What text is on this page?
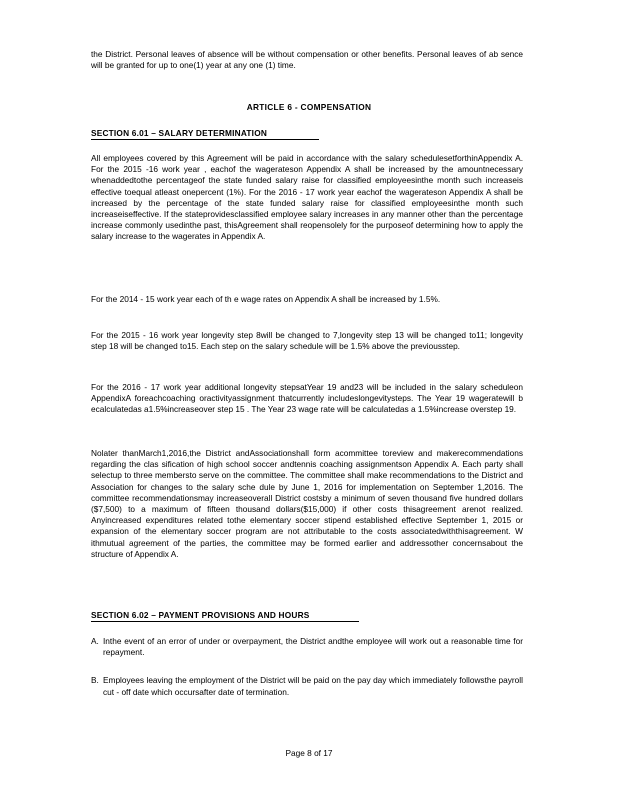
the District. Personal leaves of absence will be without compensation or other benefits. Personal leaves of ab sence will be granted for up to one(1) year at any one (1) time.

ARTICLE 6 - COMPENSATION
SECTION 6.01 – SALARY DETERMINATION

All employees covered by this Agreement will be paid in accordance with the salary schedulesetforthinAppendix A. For the 2015 -16 work year , eachof the wagerateson Appendix A shall be increased by the amountnecessary whenaddedtothe percentageof the state funded salary raise for classified employeesinthe month such increaseis effective toequal atleast onepercent (1%). For the 2016 - 17 work year eachof the wagerateson Appendix A shall be increased by the percentage of the state funded salary raise for classified employeesinthe month such increaseiseffective. If the stateprovidesclassified employee salary increases in any manner other than the percentage increase commonly usedinthe past, thisAgreement shall reopensolely for the purposeof determining how to apply the salary increase to the wagerates in Appendix A.

For the 2014 - 15 work year each of th e wage rates on Appendix A shall be increased by 1.5%.

For the 2015 - 16 work year longevity step 8will be changed to 7,longevity step 13 will be changed to11; longevity step 18 will be changed to15. Each step on the salary schedule will be 1.5% above the previousstep.

For the 2016 - 17 work year additional longevity stepsatYear 19 and23 will be included in the salary scheduleon AppendixA foreachcoaching oractivityassignment thatcurrently includeslongevitysteps. The Year 19 wageratewill b ecalculatedas a1.5%increaseover step 15 . The Year 23 wage rate will be calculatedas a 1.5%increase overstep 19.

Nolater thanMarch1,2016,the District andAssociationshall form acommittee toreview and makerecommendations regarding the clas sification of high school soccer andtennis coaching assignmentson Appendix A. Each party shall selectup to three membersto serve on the committee. The committee shall make recommendations to the District and Association for changes to the salary sche dule by June 1, 2016 for implementation on September 1,2016. The committee recommendationsmay increaseoverall District costsby a minimum of seven thousand five hundred dollars ($7,500) to a maximum of fifteen thousand dollars($15,000) if other costs thisagreement arenot realized. Anyincreased expenditures related tothe elementary soccer stipend established effective September 1, 2015 or expansion of the elementary soccer program are not attributable to the costs associatedwiththisagreement. W ithmutual agreement of the parties, the committee may be formed earlier and addressother concernsabout the structure of Appendix A.

SECTION 6.02 – PAYMENT PROVISIONS AND HOURS
A. Inthe event of an error of under or overpayment, the District andthe employee will work out a reasonable time for repayment.
B. Employees leaving the employment of the District will be paid on the pay day which immediately followsthe payroll cut - off date which occursafter date of termination.
Page 8 of 17
